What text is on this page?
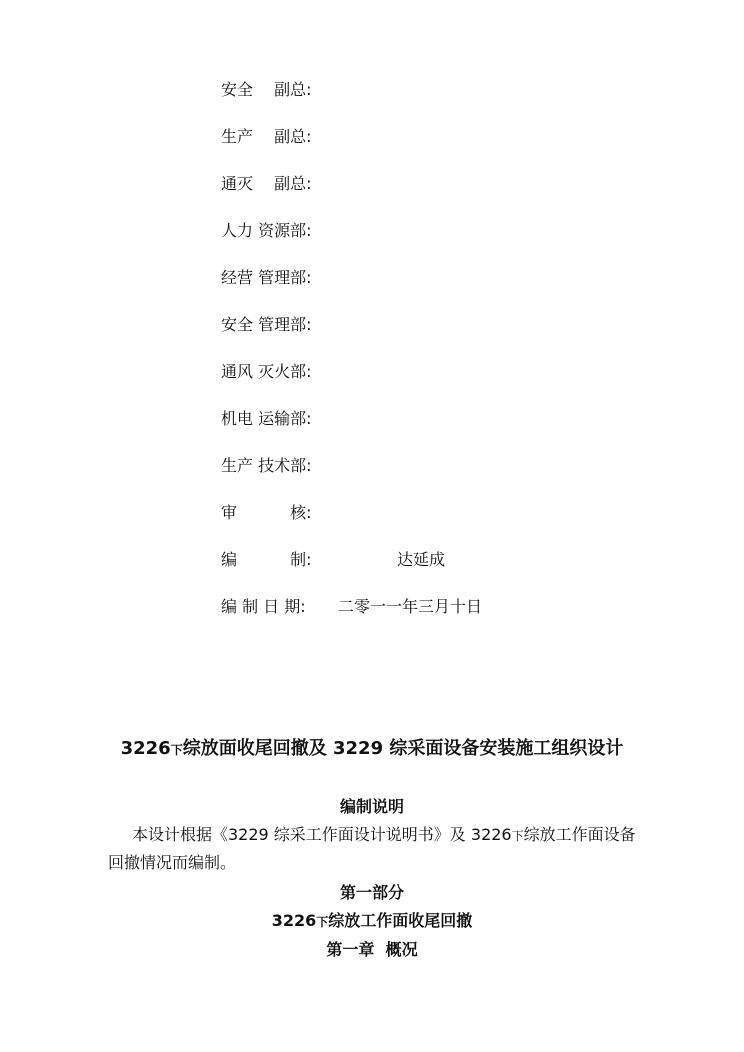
安全　 副总:
生产　 副总:
通灭　 副总:
人力 资源部:
经营 管理部:
安全 管理部:
通风 灭火部:
机电 运输部:
生产 技术部:
审　　　 核:
编　　　 制:	达延成
编 制 日 期: 二零一一年三月十日
3226下综放面收尾回撤及 3229 综采面设备安装施工组织设计
编制说明
本设计根据《3229 综采工作面设计说明书》及 3226下综放工作面设备
回撤情况而编制。
第一部分
3226下综放工作面收尾回撤
第一章  概况
